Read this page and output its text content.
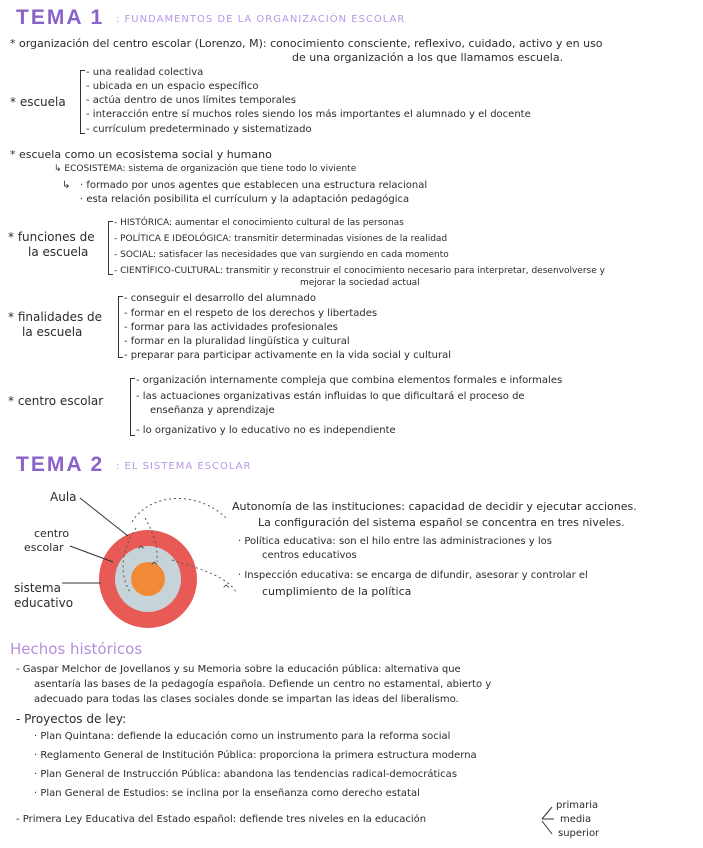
TEMA 1 : FUNDAMENTOS DE LA ORGANIZACIÓN ESCOLAR
* organización del centro escolar (Lorenzo, M): conocimiento consciente, reflexivo, cuidado, activo y en uso
de una organización a los que llamamos escuela.
* escuela
- una realidad colectiva
- ubicada en un espacio específico
- actúa dentro de unos límites temporales
- interacción entre sí muchos roles siendo los más importantes el alumnado y el docente
- currículum predeterminado y sistematizado
* escuela como un ecosistema social y humano
↳ ECOSISTEMA: sistema de organización que tiene todo lo viviente
↳ · formado por unos agentes que establecen una estructura relacional
· esta relación posibilita el currículum y la adaptación pedagógica
* funciones de
la escuela
- HISTÓRICA: aumentar el conocimiento cultural de las personas
- POLÍTICA E IDEOLÓGICA: transmitir determinadas visiones de la realidad
- SOCIAL: satisfacer las necesidades que van surgiendo en cada momento
- CIENTÍFICO-CULTURAL: transmitir y reconstruir el conocimiento necesario para interpretar, desenvolverse y
mejorar la sociedad actual
* finalidades de
la escuela
- conseguir el desarrollo del alumnado
- formar en el respeto de los derechos y libertades
- formar para las actividades profesionales
- formar en la pluralidad lingüística y cultural
- preparar para participar activamente en la vida social y cultural
* centro escolar
- organización internamente compleja que combina elementos formales e informales
- las actuaciones organizativas están influidas lo que dificultará el proceso de
enseñanza y aprendizaje
- lo organizativo y lo educativo no es independiente
TEMA 2 : EL SISTEMA ESCOLAR
^
^
^
Aula
centro
escolar
sistema
educativo
Autonomía de las instituciones: capacidad de decidir y ejecutar acciones.
La configuración del sistema español se concentra en tres niveles.
· Política educativa: son el hilo entre las administraciones y los
centros educativos
· Inspección educativa: se encarga de difundir, asesorar y controlar el
cumplimiento de la política
Hechos históricos
- Gaspar Melchor de Jovellanos y su Memoria sobre la educación pública: alternativa que
asentaría las bases de la pedagogía española. Defiende un centro no estamental, abierto y
adecuado para todas las clases sociales donde se impartan las ideas del liberalismo.
- Proyectos de ley:
· Plan Quintana: defiende la educación como un instrumento para la reforma social
· Reglamento General de Institución Pública: proporciona la primera estructura moderna
· Plan General de Instrucción Pública: abandona las tendencias radical-democráticas
· Plan General de Estudios: se inclina por la enseñanza como derecho estatal
- Primera Ley Educativa del Estado español: defiende tres niveles en la educación
primaria
media
superior
